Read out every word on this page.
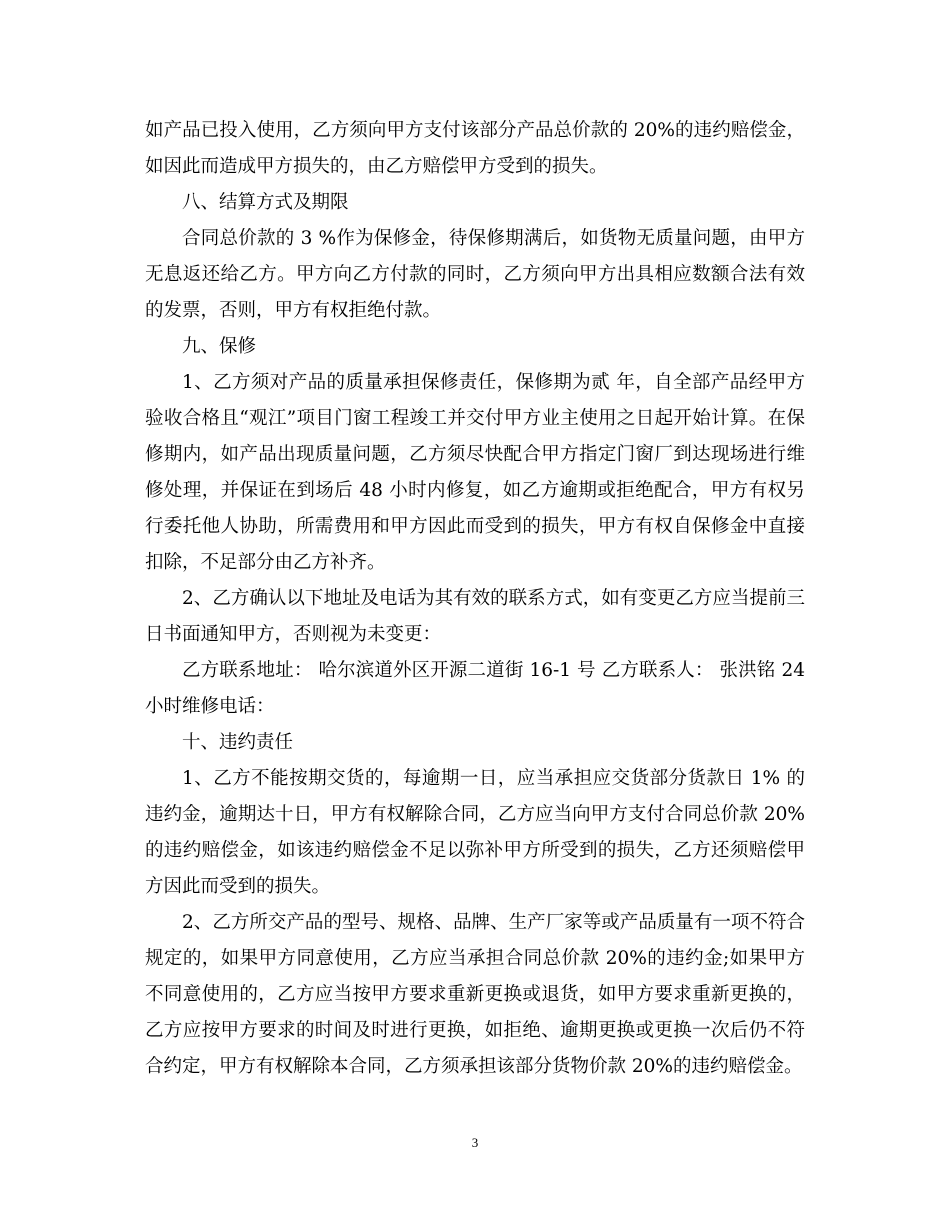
如产品已投入使用，乙方须向甲方支付该部分产品总价款的 20%的违约赔偿金，如因此而造成甲方损失的，由乙方赔偿甲方受到的损失。

八、结算方式及期限

合同总价款的 3 %作为保修金，待保修期满后，如货物无质量问题，由甲方无息返还给乙方。甲方向乙方付款的同时，乙方须向甲方出具相应数额合法有效的发票，否则，甲方有权拒绝付款。

九、保修

1、乙方须对产品的质量承担保修责任，保修期为贰 年，自全部产品经甲方验收合格且“观江”项目门窗工程竣工并交付甲方业主使用之日起开始计算。在保修期内，如产品出现质量问题，乙方须尽快配合甲方指定门窗厂到达现场进行维修处理，并保证在到场后 48 小时内修复，如乙方逾期或拒绝配合，甲方有权另行委托他人协助，所需费用和甲方因此而受到的损失，甲方有权自保修金中直接扣除，不足部分由乙方补齐。

2、乙方确认以下地址及电话为其有效的联系方式，如有变更乙方应当提前三日书面通知甲方，否则视为未变更：

乙方联系地址： 哈尔滨道外区开源二道街 16-1 号 乙方联系人： 张洪铭 24 小时维修电话：

十、违约责任

1、乙方不能按期交货的，每逾期一日，应当承担应交货部分货款日 1% 的违约金，逾期达十日，甲方有权解除合同，乙方应当向甲方支付合同总价款 20%的违约赔偿金，如该违约赔偿金不足以弥补甲方所受到的损失，乙方还须赔偿甲方因此而受到的损失。

2、乙方所交产品的型号、规格、品牌、生产厂家等或产品质量有一项不符合规定的，如果甲方同意使用，乙方应当承担合同总价款 20%的违约金;如果甲方不同意使用的，乙方应当按甲方要求重新更换或退货，如甲方要求重新更换的，乙方应按甲方要求的时间及时进行更换，如拒绝、逾期更换或更换一次后仍不符合约定，甲方有权解除本合同，乙方须承担该部分货物价款 20%的违约赔偿金。

3
